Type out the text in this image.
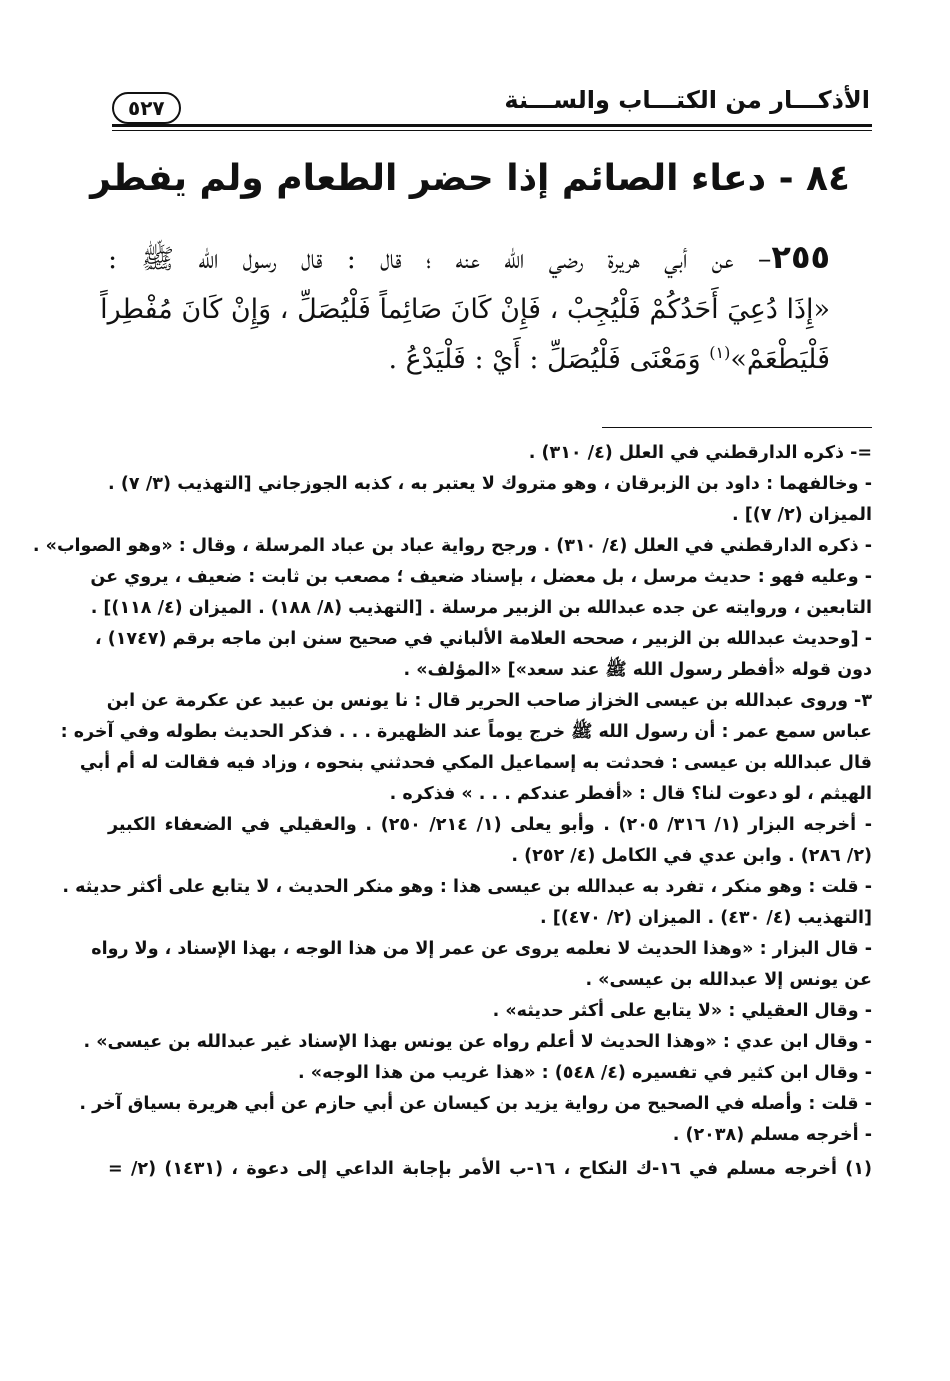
الأذكـــار من الكتـــاب والســـنة
٥٢٧
٨٤ - دعاء الصائم إذا حضر الطعام ولم يفطر
٢٥٥– عن أبي هريرة رضي الله عنه ؛ قال : قال رسول الله ﷺ :
«إِذَا دُعِيَ أَحَدُكُمْ فَلْيُجِبْ ، فَإِنْ كَانَ صَائِماً فَلْيُصَلِّ ، وَإِنْ كَانَ مُفْطِراً
فَلْيَطْعَمْ»$^{(١)}$ وَمَعْنَى فَلْيُصَلِّ : أَيْ : فَلْيَدْعُ .
=- ذكره الدارقطني في العلل (٤/ ٣١٠) .
- وخالفهما : داود بن الزبرقان ، وهو متروك لا يعتبر به ، كذبه الجوزجاني [التهذيب (٣/ ٧) .
الميزان (٢/ ٧)] .
- ذكره الدارقطني في العلل (٤/ ٣١٠) . ورجح رواية عباد بن عباد المرسلة ، وقال : «وهو الصواب» .
- وعليه فهو : حديث مرسل ، بل معضل ، بإسناد ضعيف ؛ مصعب بن ثابت : ضعيف ، يروي عن
التابعين ، وروايته عن جده عبدالله بن الزبير مرسلة . [التهذيب (٨/ ١٨٨) . الميزان (٤/ ١١٨)] .
- [وحديث عبدالله بن الزبير ، صححه العلامة الألباني في صحيح سنن ابن ماجه برقم (١٧٤٧) ،
دون قوله «أفطر رسول الله ﷺ عند سعد»] «المؤلف» .
٣- وروى عبدالله بن عيسى الخزاز صاحب الحرير قال : نا يونس بن عبيد عن عكرمة عن ابن
عباس سمع عمر : أن رسول الله ﷺ خرج يوماً عند الظهيرة . . . فذكر الحديث بطوله وفي آخره :
قال عبدالله بن عيسى : فحدثت به إسماعيل المكي فحدثني بنحوه ، وزاد فيه فقالت له أم أبي
الهيثم ، لو دعوت لنا؟ قال : «أفطر عندكم . . . » فذكره .
- أخرجه البزار (١/ ٣١٦/ ٢٠٥) . وأبو يعلى (١/ ٢١٤/ ٢٥٠) . والعقيلي في الضعفاء الكبير
(٢/ ٢٨٦) . وابن عدي في الكامل (٤/ ٢٥٢) .
- قلت : وهو منكر ، تفرد به عبدالله بن عيسى هذا : وهو منكر الحديث ، لا يتابع على أكثر حديثه .
[التهذيب (٤/ ٤٣٠) . الميزان (٢/ ٤٧٠)] .
- قال البزار : «وهذا الحديث لا نعلمه يروى عن عمر إلا من هذا الوجه ، بهذا الإسناد ، ولا رواه
عن يونس إلا عبدالله بن عيسى» .
- وقال العقيلي : «لا يتابع على أكثر حديثه» .
- وقال ابن عدي : «وهذا الحديث لا أعلم رواه عن يونس بهذا الإسناد غير عبدالله بن عيسى» .
- وقال ابن كثير في تفسيره (٤/ ٥٤٨) : «هذا غريب من هذا الوجه» .
- قلت : وأصله في الصحيح من رواية يزيد بن كيسان عن أبي حازم عن أبي هريرة بسياق آخر .
- أخرجه مسلم (٢٠٣٨) .
(١) أخرجه مسلم في ١٦-ك النكاح ، ١٦-ب الأمر بإجابة الداعي إلى دعوة ، (١٤٣١) (٢/ =
